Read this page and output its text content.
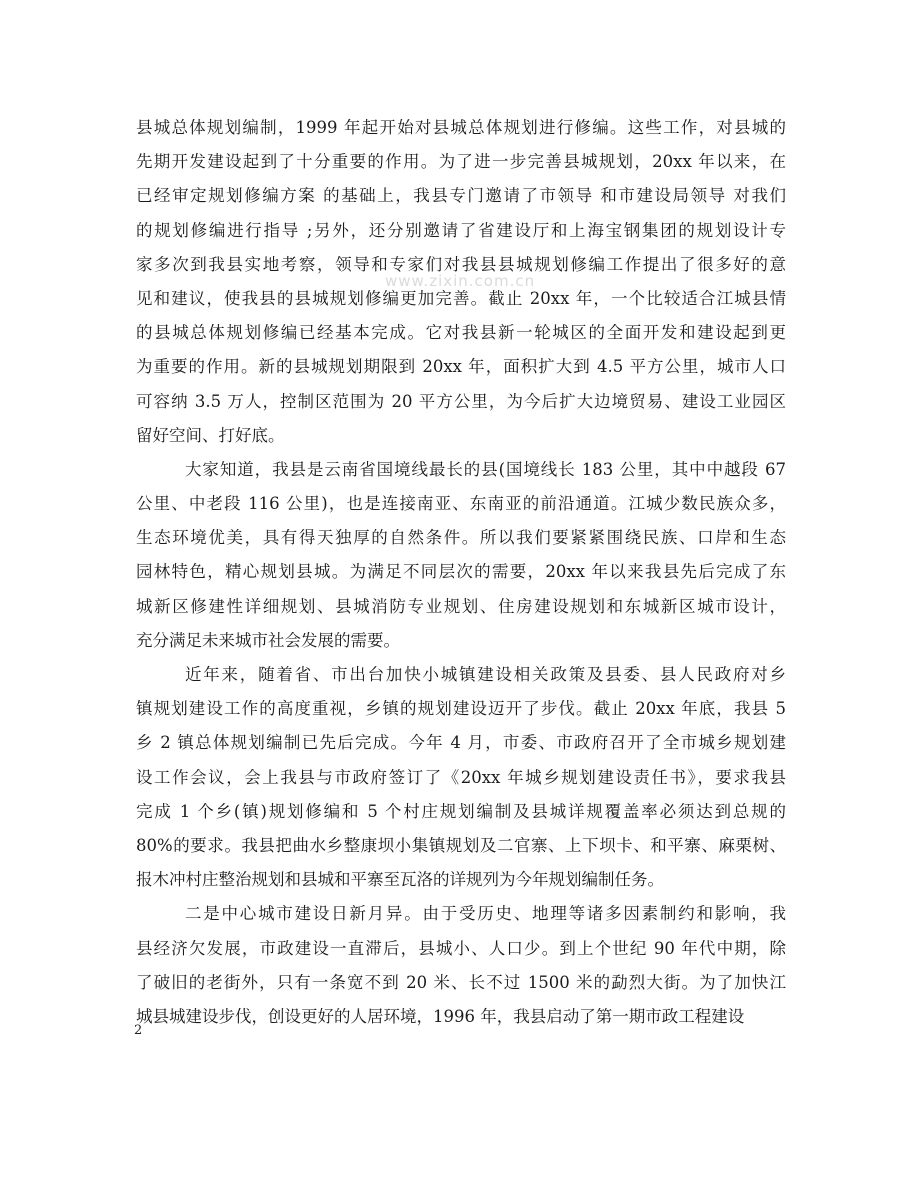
www.zixin.com.cn
县城总体规划编制，1999 年起开始对县城总体规划进行修编。这些工作，对县城的
先期开发建设起到了十分重要的作用。为了进一步完善县城规划，20xx 年以来，在
已经审定规划修编方案 的基础上，我县专门邀请了市领导 和市建设局领导 对我们
的规划修编进行指导 ;另外，还分别邀请了省建设厅和上海宝钢集团的规划设计专
家多次到我县实地考察，领导和专家们对我县县城规划修编工作提出了很多好的意
见和建议，使我县的县城规划修编更加完善。截止 20xx 年，一个比较适合江城县情
的县城总体规划修编已经基本完成。它对我县新一轮城区的全面开发和建设起到更
为重要的作用。新的县城规划期限到 20xx 年，面积扩大到 4.5 平方公里，城市人口
可容纳 3.5 万人，控制区范围为 20 平方公里，为今后扩大边境贸易、建设工业园区
留好空间、打好底。
大家知道，我县是云南省国境线最长的县(国境线长 183 公里，其中中越段 67
公里、中老段 116 公里)，也是连接南亚、东南亚的前沿通道。江城少数民族众多，
生态环境优美，具有得天独厚的自然条件。所以我们要紧紧围绕民族、口岸和生态
园林特色，精心规划县城。为满足不同层次的需要，20xx 年以来我县先后完成了东
城新区修建性详细规划、县城消防专业规划、住房建设规划和东城新区城市设计，
充分满足未来城市社会发展的需要。
近年来，随着省、市出台加快小城镇建设相关政策及县委、县人民政府对乡
镇规划建设工作的高度重视，乡镇的规划建设迈开了步伐。截止 20xx 年底，我县 5
乡 2 镇总体规划编制已先后完成。今年 4 月，市委、市政府召开了全市城乡规划建
设工作会议，会上我县与市政府签订了《20xx 年城乡规划建设责任书》，要求我县
完成 1 个乡(镇)规划修编和 5 个村庄规划编制及县城详规覆盖率必须达到总规的
80%的要求。我县把曲水乡整康坝小集镇规划及二官寨、上下坝卡、和平寨、麻栗树、
报木冲村庄整治规划和县城和平寨至瓦洛的详规列为今年规划编制任务。
二是中心城市建设日新月异。由于受历史、地理等诸多因素制约和影响，我
县经济欠发展，市政建设一直滞后，县城小、人口少。到上个世纪 90 年代中期，除
了破旧的老街外，只有一条宽不到 20 米、长不过 1500 米的勐烈大街。为了加快江
城县城建设步伐，创设更好的人居环境，1996 年，我县启动了第一期市政工程建设
2
